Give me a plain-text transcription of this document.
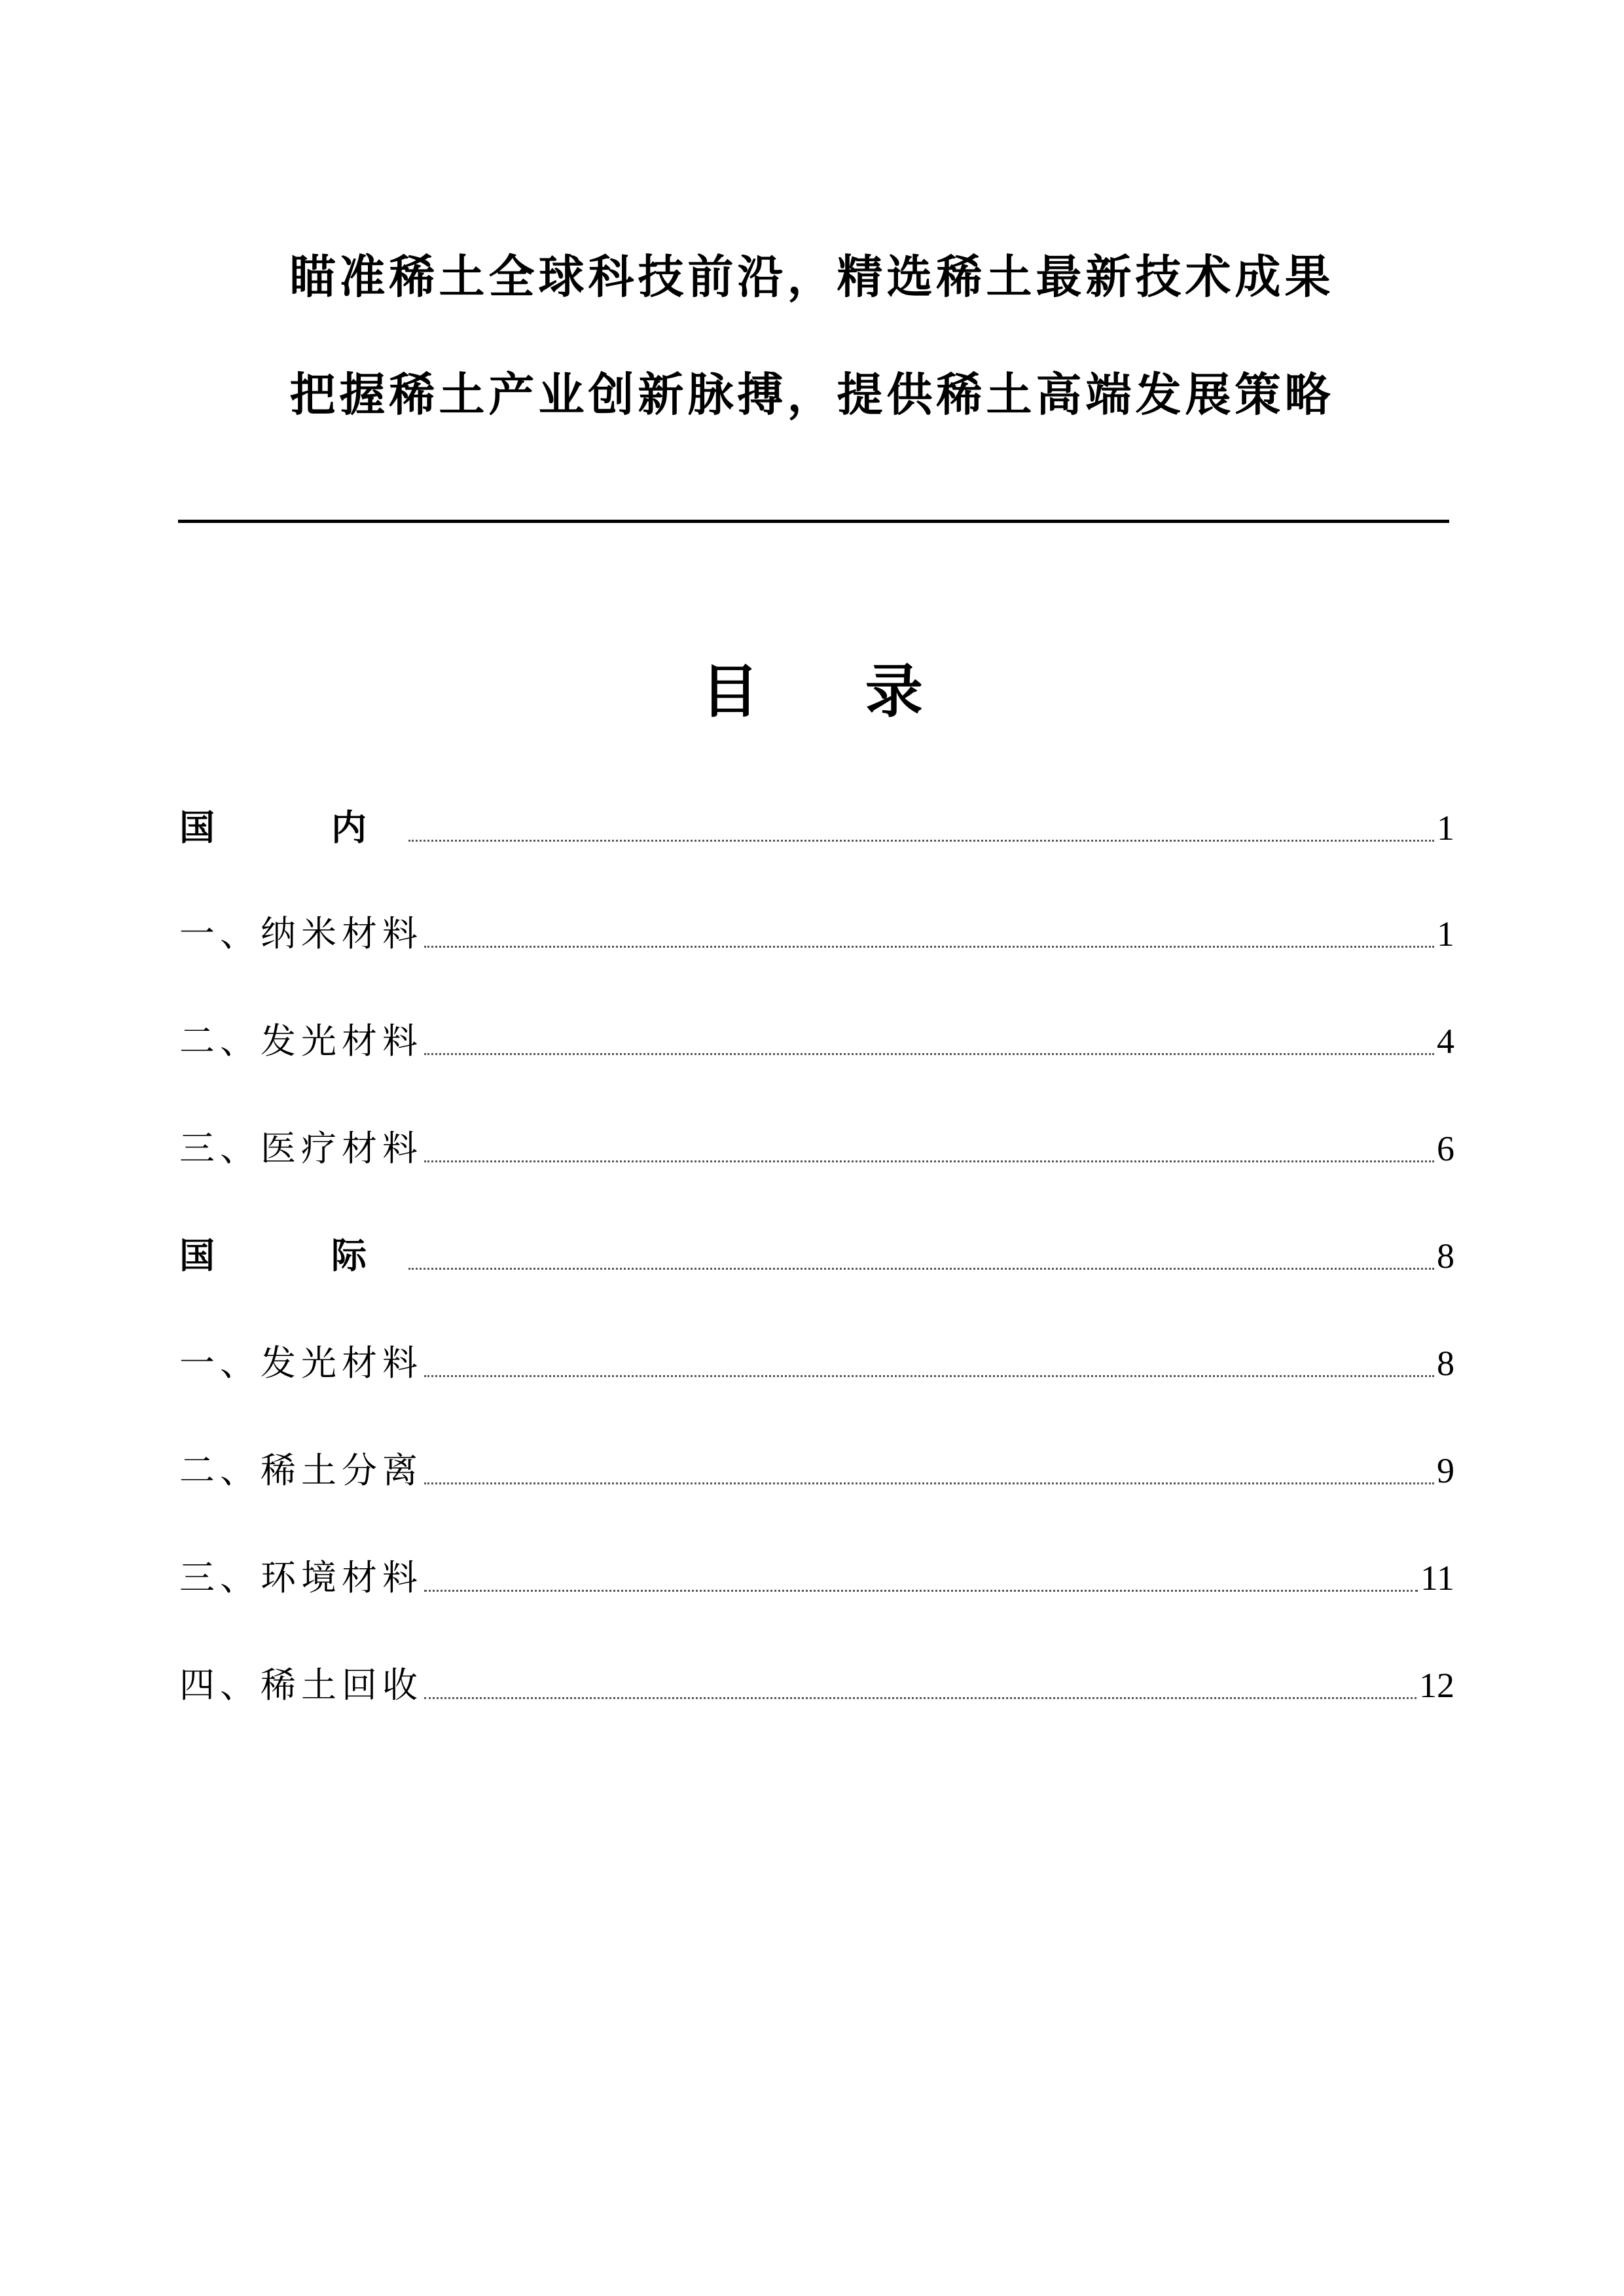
瞄准稀土全球科技前沿，精选稀土最新技术成果
把握稀土产业创新脉搏，提供稀土高端发展策略
目 录
国　内	1
一、纳米材料	1
二、发光材料	4
三、医疗材料	6
国　际	8
一、发光材料	8
二、稀土分离	9
三、环境材料	11
四、稀土回收	12
